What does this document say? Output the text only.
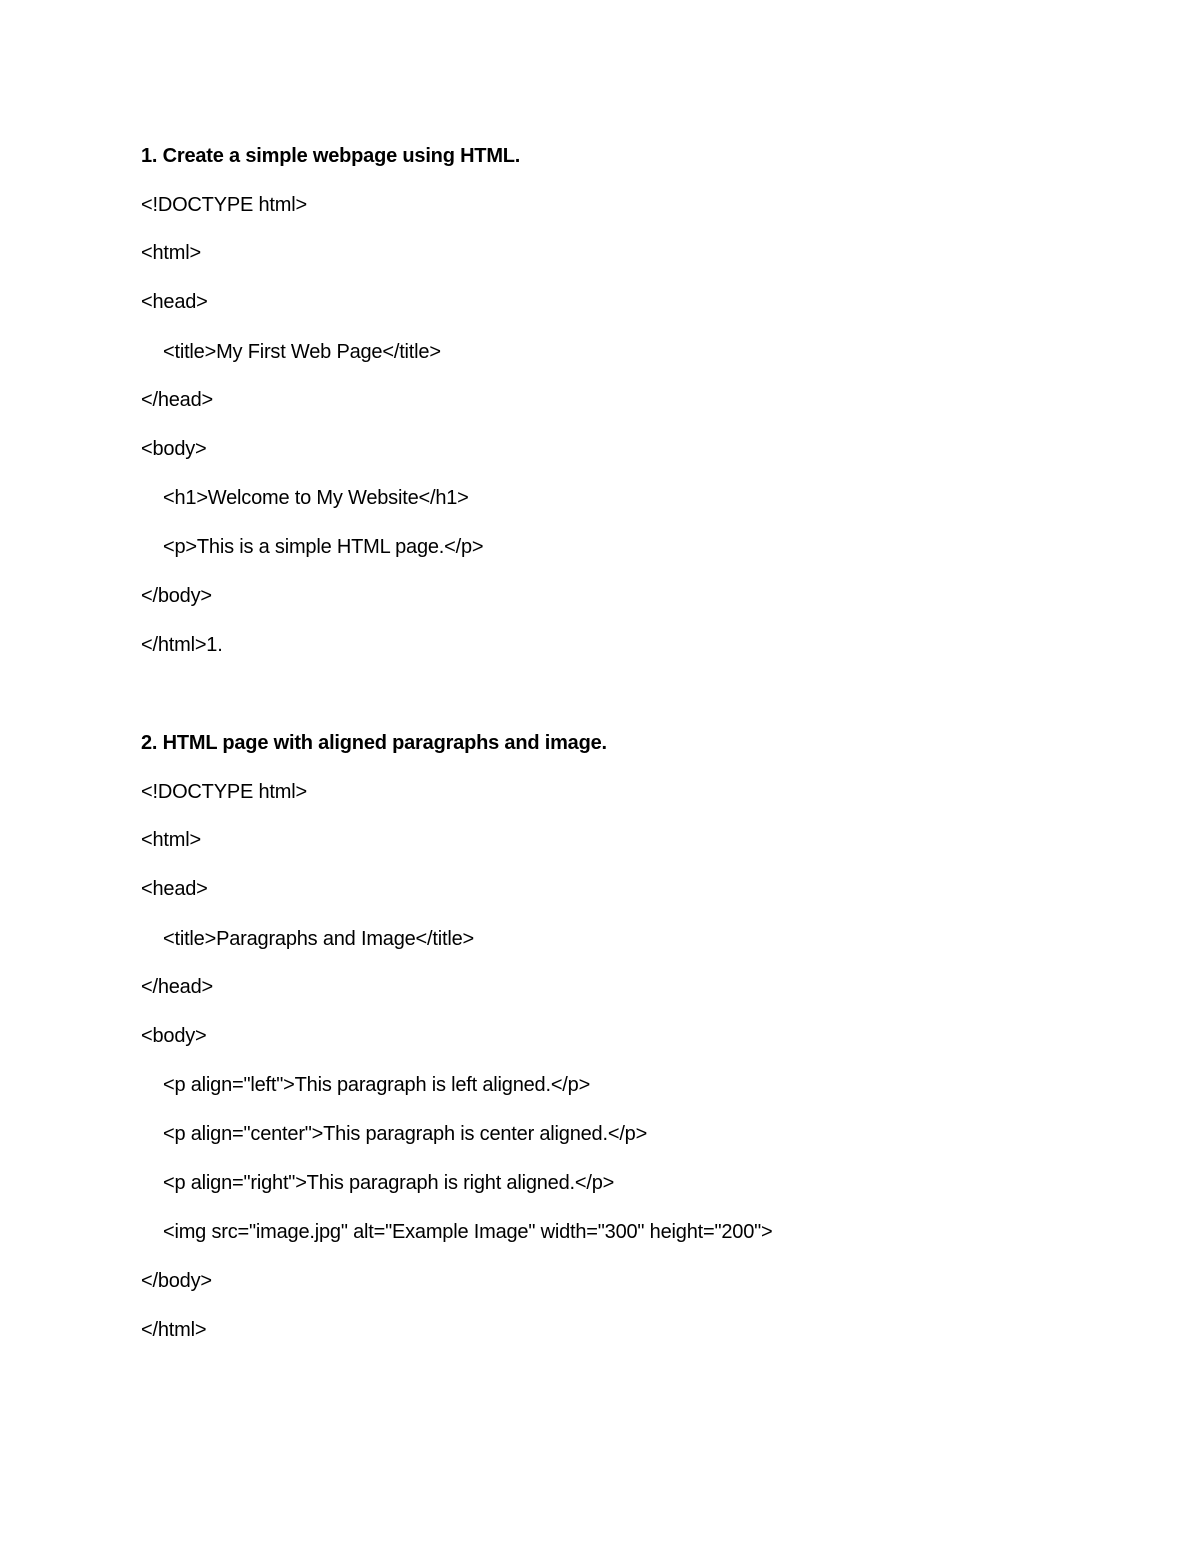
1. Create a simple webpage using HTML.
<!DOCTYPE html>
<html>
<head>
<title>My First Web Page</title>
</head>
<body>
<h1>Welcome to My Website</h1>
<p>This is a simple HTML page.</p>
</body>
</html>1.
2. HTML page with aligned paragraphs and image.
<!DOCTYPE html>
<html>
<head>
<title>Paragraphs and Image</title>
</head>
<body>
<p align="left">This paragraph is left aligned.</p>
<p align="center">This paragraph is center aligned.</p>
<p align="right">This paragraph is right aligned.</p>
<img src="image.jpg" alt="Example Image" width="300" height="200">
</body>
</html>
